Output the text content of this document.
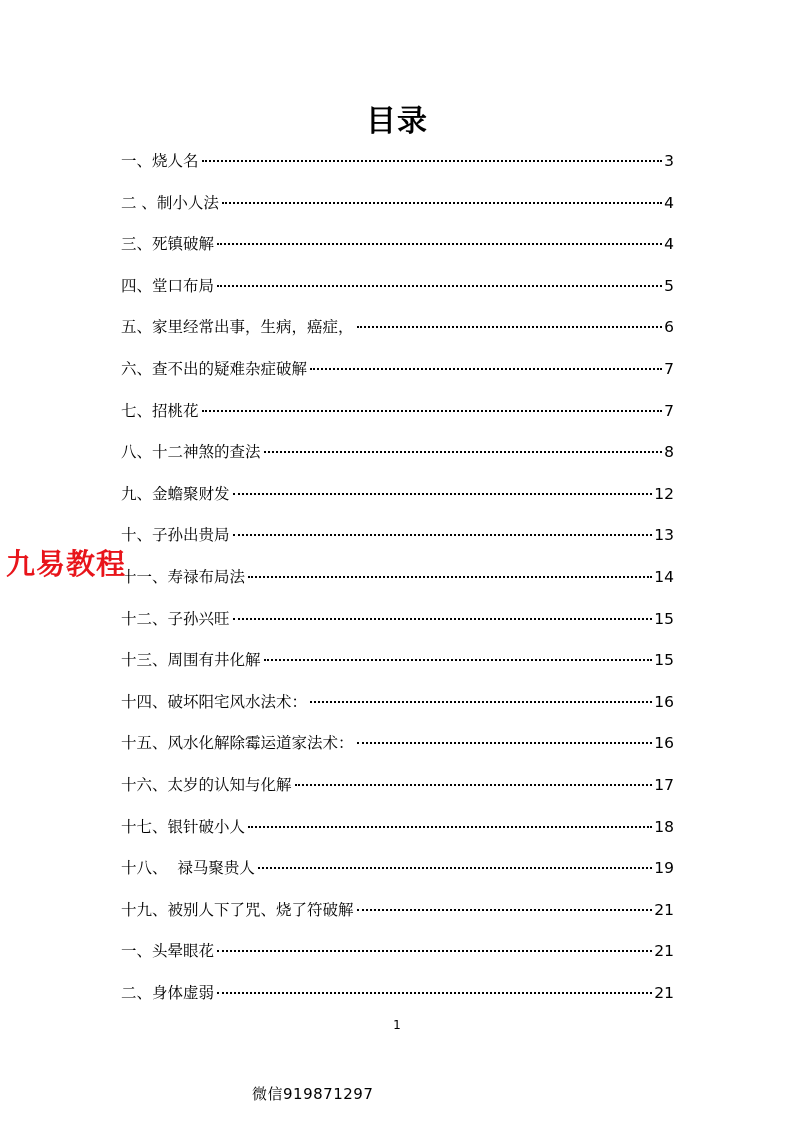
目录
一、烧人名	3
二 、制小人法	4
三、死镇破解	4
四、堂口布局	5
五、家里经常出事，生病，癌症，	6
六、查不出的疑难杂症破解	7
七、招桃花	7
八、十二神煞的查法	8
九、金蟾聚财发	12
十、子孙出贵局	13
十一、寿禄布局法	14
十二、子孙兴旺	15
十三、周围有井化解	15
十四、破坏阳宅风水法术：	16
十五、风水化解除霉运道家法术：	16
十六、太岁的认知与化解	17
十七、银针破小人	18
十八、  禄马聚贵人	19
十九、被别人下了咒、烧了符破解	21
一、头晕眼花	21
二、身体虚弱	21
九易教程
1
微信919871297
